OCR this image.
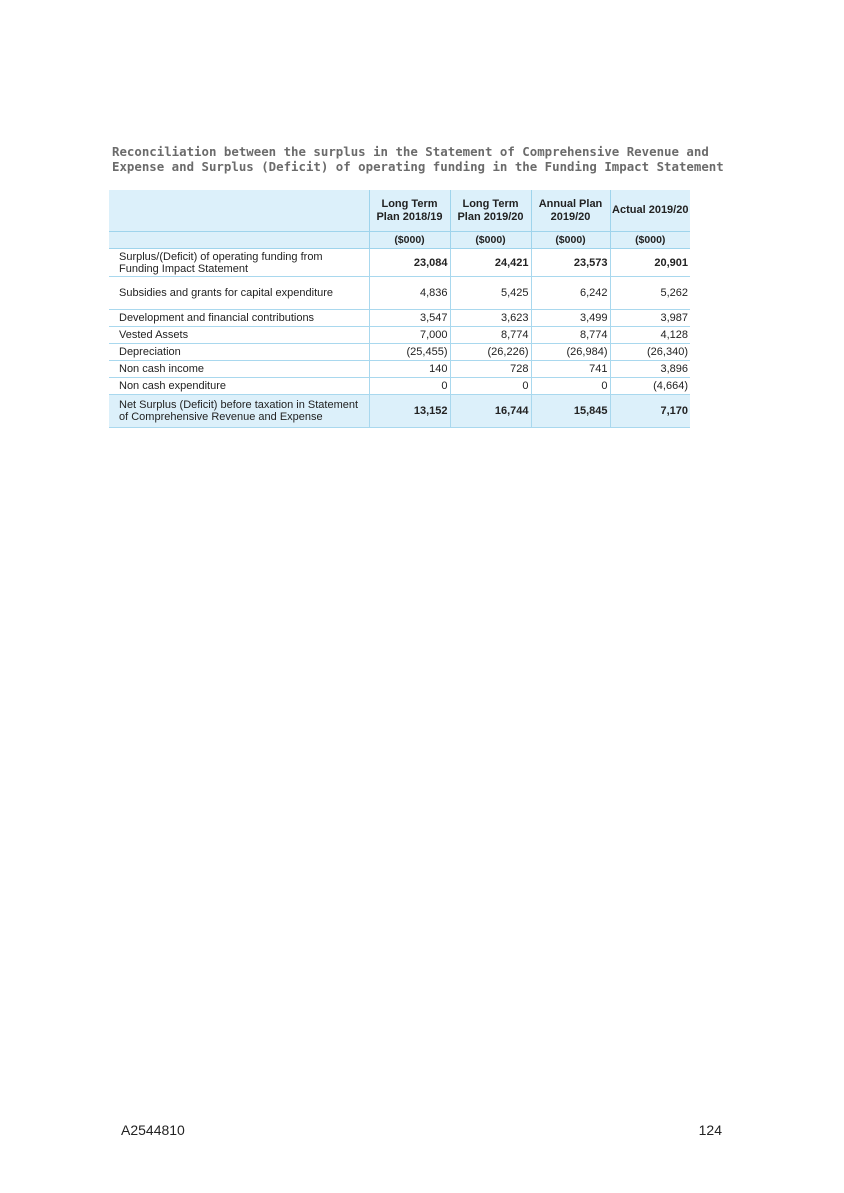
Reconciliation between the surplus in the Statement of Comprehensive Revenue and
Expense and Surplus (Deficit) of operating funding in the Funding Impact Statement
	Long Term Plan 2018/19	Long Term Plan 2019/20	Annual Plan 2019/20	Actual 2019/20
	($000)	($000)	($000)	($000)
Surplus/(Deficit) of operating funding from Funding Impact Statement	23,084	24,421	23,573	20,901
Subsidies and grants for capital expenditure	4,836	5,425	6,242	5,262
Development and financial contributions	3,547	3,623	3,499	3,987
Vested Assets	7,000	8,774	8,774	4,128
Depreciation	(25,455)	(26,226)	(26,984)	(26,340)
Non cash income	140	728	741	3,896
Non cash expenditure	0	0	0	(4,664)
Net Surplus (Deficit) before taxation in Statement of Comprehensive Revenue and Expense	13,152	16,744	15,845	7,170
A2544810	124
